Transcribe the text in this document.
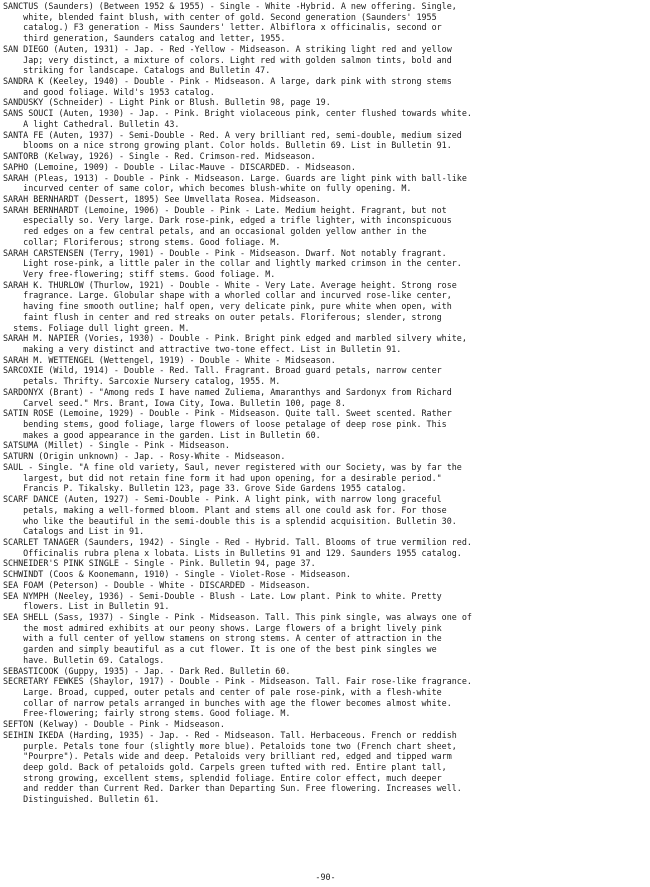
SANCTUS (Saunders) (Between 1952 & 1955) - Single - White -Hybrid. A new offering. Single,
white, blended faint blush, with center of gold. Second generation (Saunders' 1955
catalog.) F3 generation - Miss Saunders' letter. Albiflora x officinalis, second or
third generation, Saunders catalog and letter, 1955.
SAN DIEGO (Auten, 1931) - Jap. - Red -Yellow - Midseason. A striking light red and yellow
Jap; very distinct, a mixture of colors. Light red with golden salmon tints, bold and
striking for landscape. Catalogs and Bulletin 47.
SANDRA K (Keeley, 1940) - Double - Pink - Midseason. A large, dark pink with strong stems
and good foliage. Wild's 1953 catalog.
SANDUSKY (Schneider) - Light Pink or Blush. Bulletin 98, page 19.
SANS SOUCI (Auten, 1930) - Jap. - Pink. Bright violaceous pink, center flushed towards white.
A light Cathedral. Bulletin 43.
SANTA FE (Auten, 1937) - Semi-Double - Red. A very brilliant red, semi-double, medium sized
blooms on a nice strong growing plant. Color holds. Bulletin 69. List in Bulletin 91.
SANTORB (Kelway, 1926) - Single - Red. Crimson-red. Midseason.
SAPHO (Lemoine, 1909) - Double - Lilac-Mauve - DISCARDED. - Midseason.
SARAH (Pleas, 1913) - Double - Pink - Midseason. Large. Guards are light pink with ball-like
incurved center of same color, which becomes blush-white on fully opening. M.
SARAH BERNHARDT (Dessert, 1895) See Umvellata Rosea. Midseason.
SARAH BERNHARDT (Lemoine, 1906) - Double - Pink - Late. Medium height. Fragrant, but not
especially so. Very large. Dark rose-pink, edged a trifle lighter, with inconspicuous
red edges on a few central petals, and an occasional golden yellow anther in the
collar; Floriferous; strong stems. Good foliage. M.
SARAH CARSTENSEN (Terry, 1901) - Double - Pink - Midseason. Dwarf. Not notably fragrant.
Light rose-pink, a little paler in the collar and lightly marked crimson in the center.
Very free-flowering; stiff stems. Good foliage. M.
SARAH K. THURLOW (Thurlow, 1921) - Double - White - Very Late. Average height. Strong rose
fragrance. Large. Globular shape with a whorled collar and incurved rose-like center,
having fine smooth outline; half open, very delicate pink, pure white when open, with
faint flush in center and red streaks on outer petals. Floriferous; slender, strong
stems. Foliage dull light green. M.
SARAH M. NAPIER (Vories, 1930) - Double - Pink. Bright pink edged and marbled silvery white,
making a very distinct and attractive two-tone effect. List in Bulletin 91.
SARAH M. WETTENGEL (Wettengel, 1919) - Double - White - Midseason.
SARCOXIE (Wild, 1914) - Double - Red. Tall. Fragrant. Broad guard petals, narrow center
petals. Thrifty. Sarcoxie Nursery catalog, 1955. M.
SARDONYX (Brant) - "Among reds I have named Zuliema, Amaranthys and Sardonyx from Richard
Carvel seed." Mrs. Brant, Iowa City, Iowa. Bulletin 100, page 8.
SATIN ROSE (Lemoine, 1929) - Double - Pink - Midseason. Quite tall. Sweet scented. Rather
bending stems, good foliage, large flowers of loose petalage of deep rose pink. This
makes a good appearance in the garden. List in Bulletin 60.
SATSUMA (Millet) - Single - Pink - Midseason.
SATURN (Origin unknown) - Jap. - Rosy-White - Midseason.
SAUL - Single. "A fine old variety, Saul, never registered with our Society, was by far the
largest, but did not retain fine form it had upon opening, for a desirable period."
Francis P. Tikalsky. Bulletin 123, page 33. Grove Side Gardens 1955 catalog.
SCARF DANCE (Auten, 1927) - Semi-Double - Pink. A light pink, with narrow long graceful
petals, making a well-formed bloom. Plant and stems all one could ask for. For those
who like the beautiful in the semi-double this is a splendid acquisition. Bulletin 30.
Catalogs and List in 91.
SCARLET TANAGER (Saunders, 1942) - Single - Red - Hybrid. Tall. Blooms of true vermilion red.
Officinalis rubra plena x lobata. Lists in Bulletins 91 and 129. Saunders 1955 catalog.
SCHNEIDER'S PINK SINGLE - Single - Pink. Bulletin 94, page 37.
SCHWINDT (Coos & Koonemann, 1910) - Single - Violet-Rose - Midseason.
SEA FOAM (Peterson) - Double - White - DISCARDED - Midseason.
SEA NYMPH (Neeley, 1936) - Semi-Double - Blush - Late. Low plant. Pink to white. Pretty
flowers. List in Bulletin 91.
SEA SHELL (Sass, 1937) - Single - Pink - Midseason. Tall. This pink single, was always one of
the most admired exhibits at our peony shows. Large flowers of a bright lively pink
with a full center of yellow stamens on strong stems. A center of attraction in the
garden and simply beautiful as a cut flower. It is one of the best pink singles we
have. Bulletin 69. Catalogs.
SEBASTICOOK (Guppy, 1935) - Jap. - Dark Red. Bulletin 60.
SECRETARY FEWKES (Shaylor, 1917) - Double - Pink - Midseason. Tall. Fair rose-like fragrance.
Large. Broad, cupped, outer petals and center of pale rose-pink, with a flesh-white
collar of narrow petals arranged in bunches with age the flower becomes almost white.
Free-flowering; fairly strong stems. Good foliage. M.
SEFTON (Kelway) - Double - Pink - Midseason.
SEIHIN IKEDA (Harding, 1935) - Jap. - Red - Midseason. Tall. Herbaceous. French or reddish
purple. Petals tone four (slightly more blue). Petaloids tone two (French chart sheet,
"Pourpre"). Petals wide and deep. Petaloids very brilliant red, edged and tipped warm
deep gold. Back of petaloids gold. Carpels green tufted with red. Entire plant tall,
strong growing, excellent stems, splendid foliage. Entire color effect, much deeper
and redder than Current Red. Darker than Departing Sun. Free flowering. Increases well.
Distinguished. Bulletin 61.
-90-
